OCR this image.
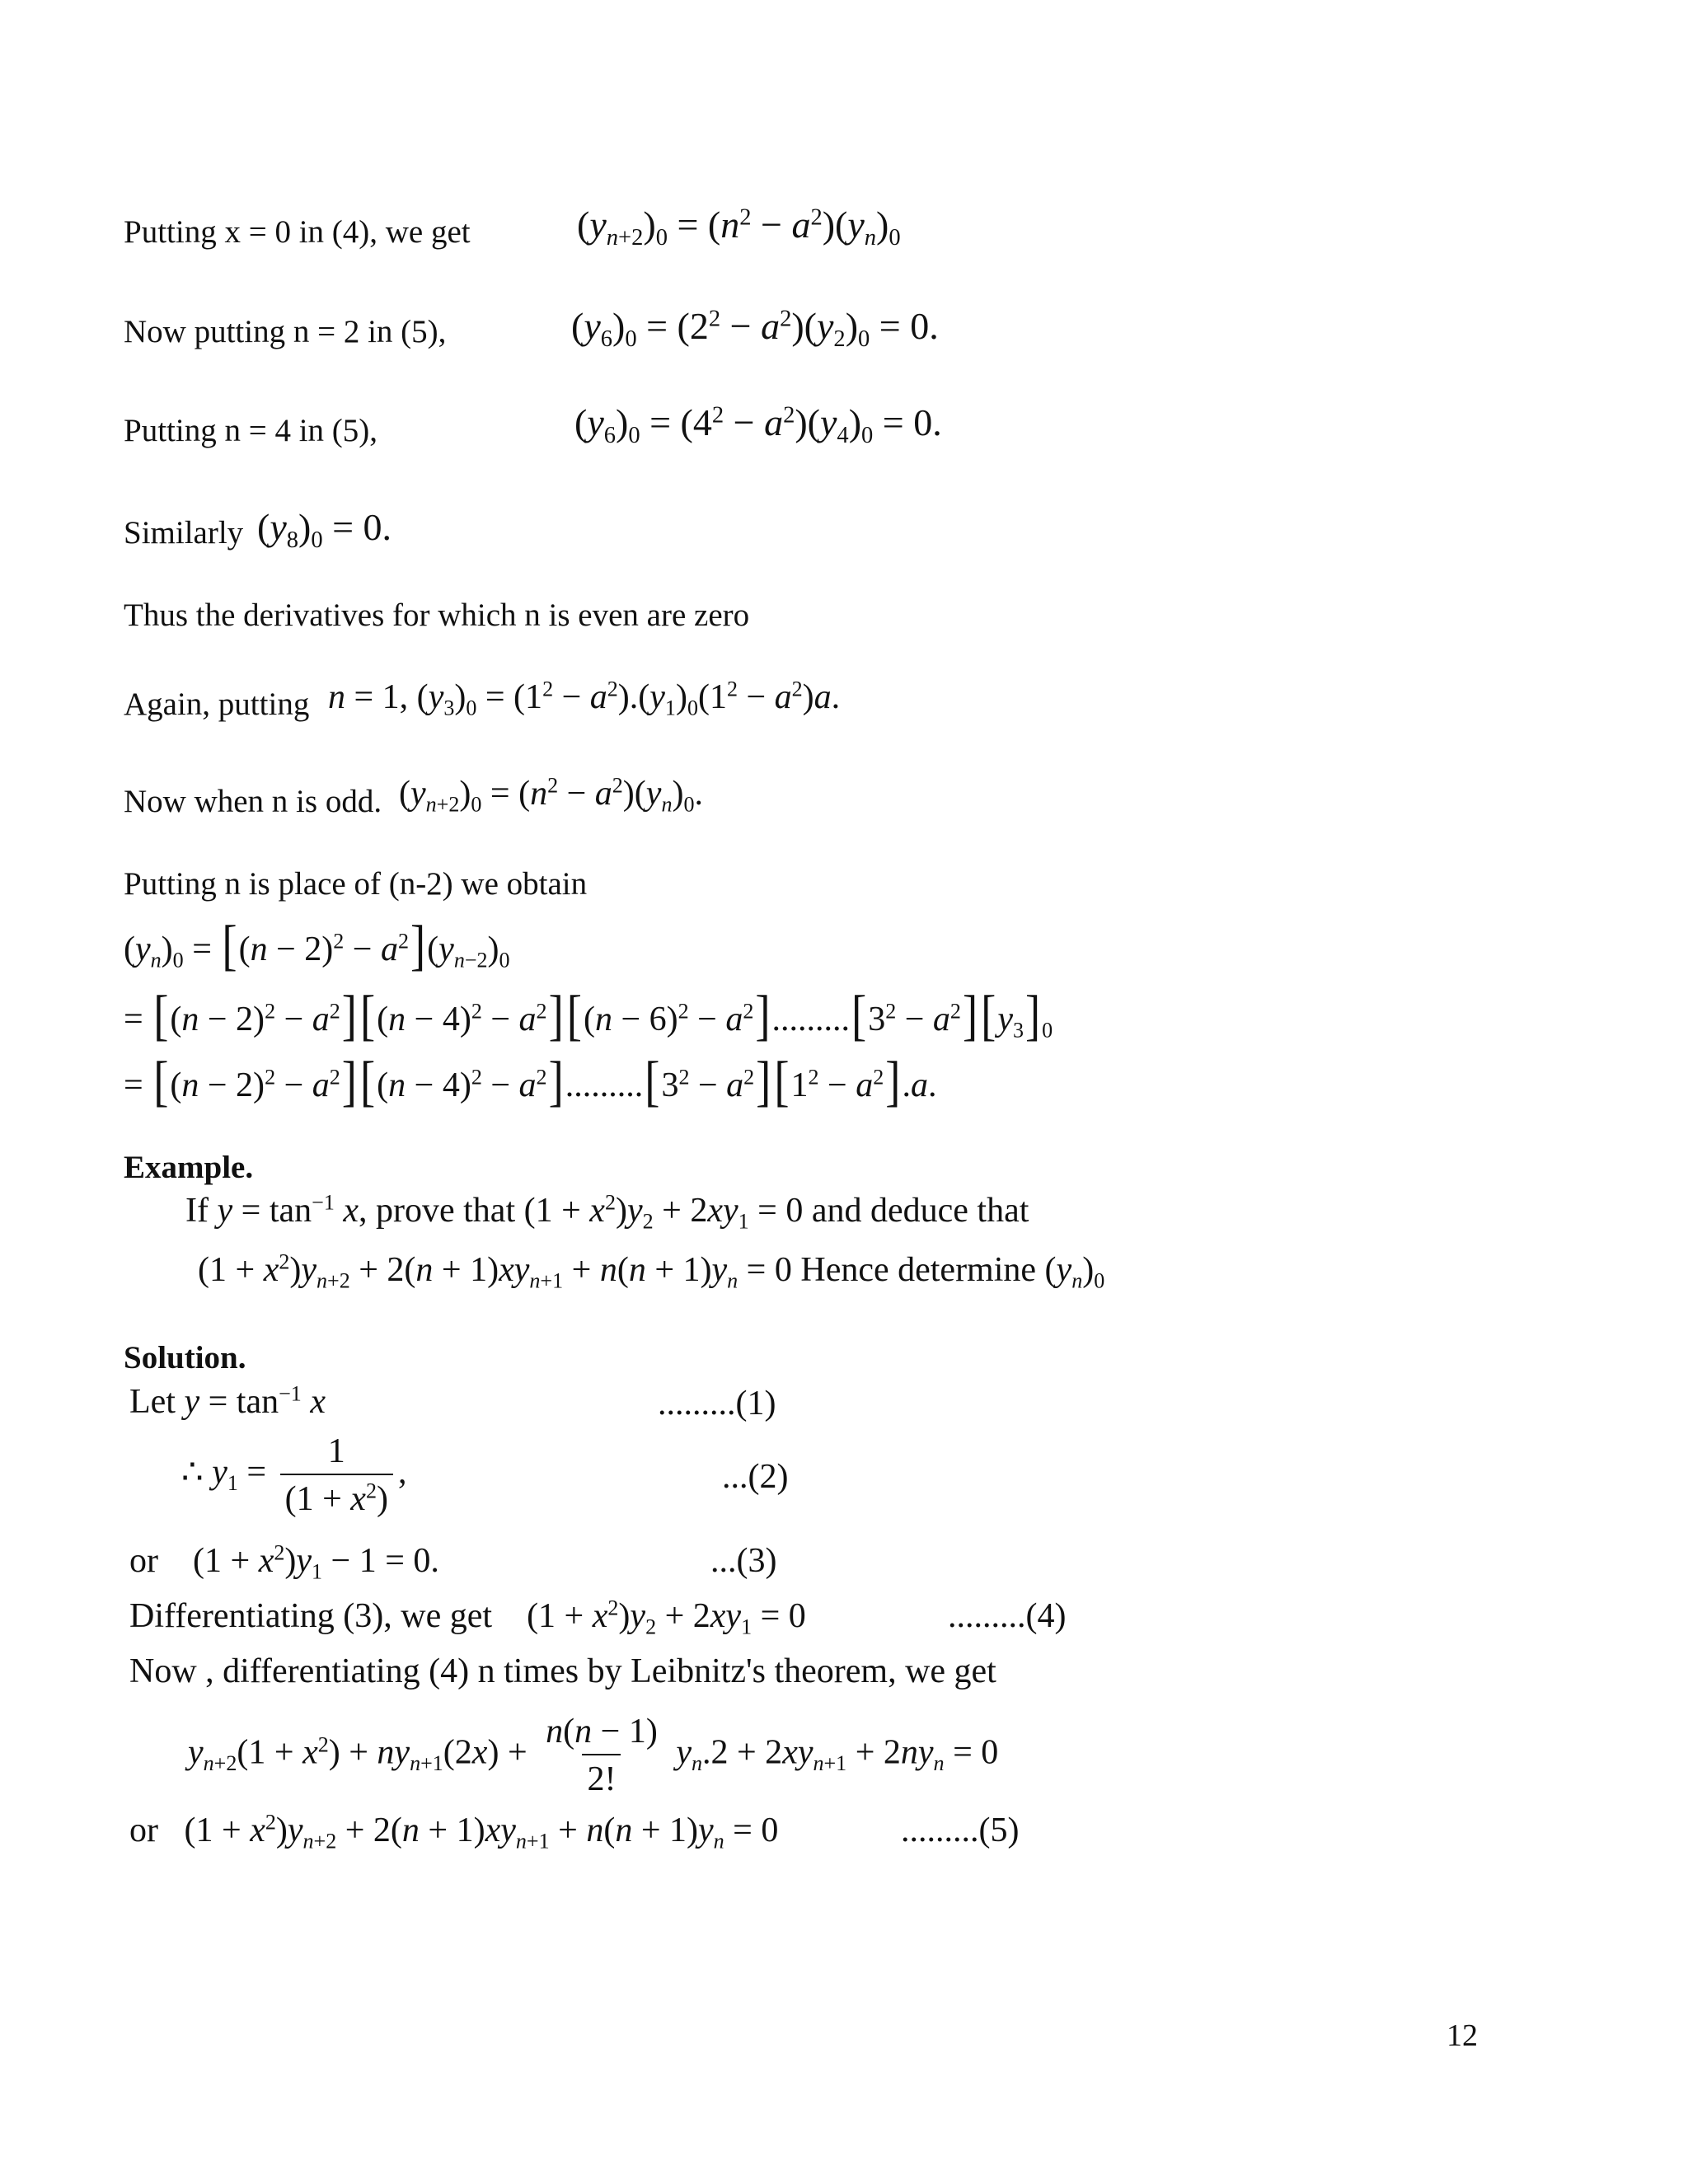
Putting x = 0 in (4), we get	$(y_{n+2})_0 = (n^2 - a^2)(y_n)_0$
Now putting n = 2 in (5),	$(y_6)_0 = (2^2 - a^2)(y_2)_0 = 0$.
Putting n = 4 in (5),	$(y_6)_0 = (4^2 - a^2)(y_4)_0 = 0$.
Similarly $(y_8)_0 = 0$.
Thus the derivatives for which n is even are zero
Again, putting n = 1, $(y_3)_0 = (1^2 - a^2).(y_1)_0(1^2 - a^2)a$.
Now when n is odd. $(y_{n+2})_0 = (n^2 - a^2)(y_n)_0$.
Putting n is place of (n-2) we obtain
$(y_n)_0 = [(n - 2)^2 - a^2](y_{n-2})_0$
= $[(n - 2)^2 - a^2][(n - 4)^2 - a^2][(n - 6)^2 - a^2].........[3^2 - a^2][y_3]_0$
= $[(n - 2)^2 - a^2][(n - 4)^2 - a^2].........[3^2 - a^2][1^2 - a^2].a$.
Example.
If $y = \tan^{-1} x$, prove that $(1 + x^2)y_2 + 2xy_1 = 0$ and deduce that
$(1 + x^2)y_{n+2} + 2(n + 1)xy_{n+1} + n(n + 1)y_n = 0$ Hence determine $(y_n)_0$
Solution.
Let $y = \tan^{-1} x$	.........(1)
∴ $y_1 = \frac{1}{(1 + x^2)}$ ,	...(2)
or    $(1 + x^2)y_1 - 1 = 0$.	...(3)
Differentiating (3), we get    $(1 + x^2)y_2 + 2xy_1 = 0$	.........(4)
Now , differentiating (4) n times by Leibnitz's theorem, we get
$y_{n+2}(1 + x^2) + ny_{n+1}(2x) + \frac{n(n - 1)}{2!} y_n.2 + 2xy_{n+1} + 2ny_n = 0$
or   $(1 + x^2)y_{n+2} + 2(n + 1)xy_{n+1} + n(n + 1)y_n = 0$	.........(5)
12
